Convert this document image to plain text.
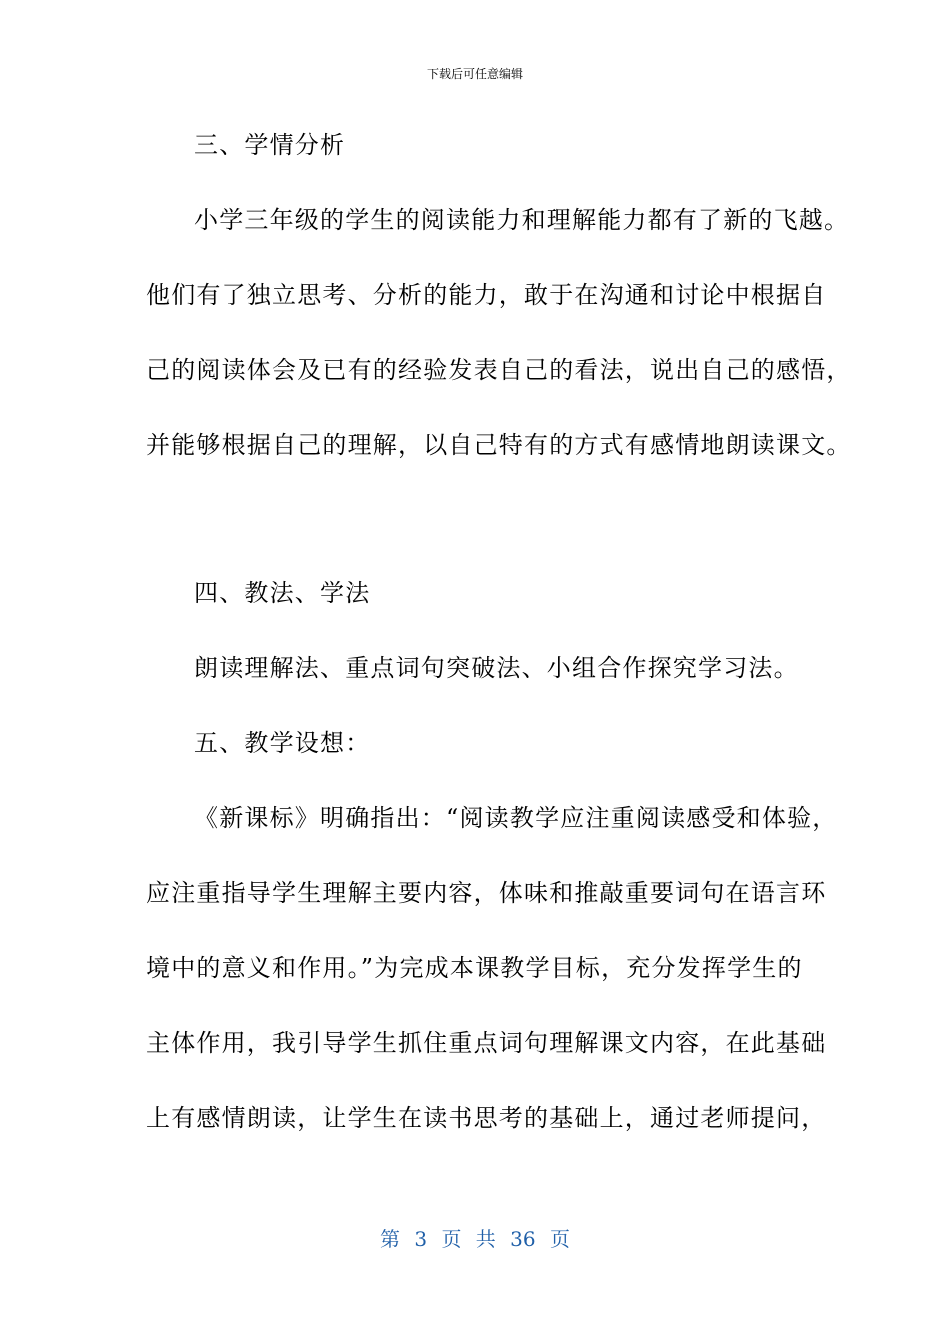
下载后可任意编辑
三、学情分析
小学三年级的学生的阅读能力和理解能力都有了新的飞越。
他们有了独立思考、分析的能力，敢于在沟通和讨论中根据自
己的阅读体会及已有的经验发表自己的看法，说出自己的感悟，
并能够根据自己的理解，以自己特有的方式有感情地朗读课文。
四、教法、学法
朗读理解法、重点词句突破法、小组合作探究学习法。
五、教学设想：
《新课标》明确指出：“阅读教学应注重阅读感受和体验，
应注重指导学生理解主要内容，体味和推敲重要词句在语言环
境中的意义和作用。”为完成本课教学目标，充分发挥学生的
主体作用，我引导学生抓住重点词句理解课文内容，在此基础
上有感情朗读，让学生在读书思考的基础上，通过老师提问，
第 3 页 共 36 页
